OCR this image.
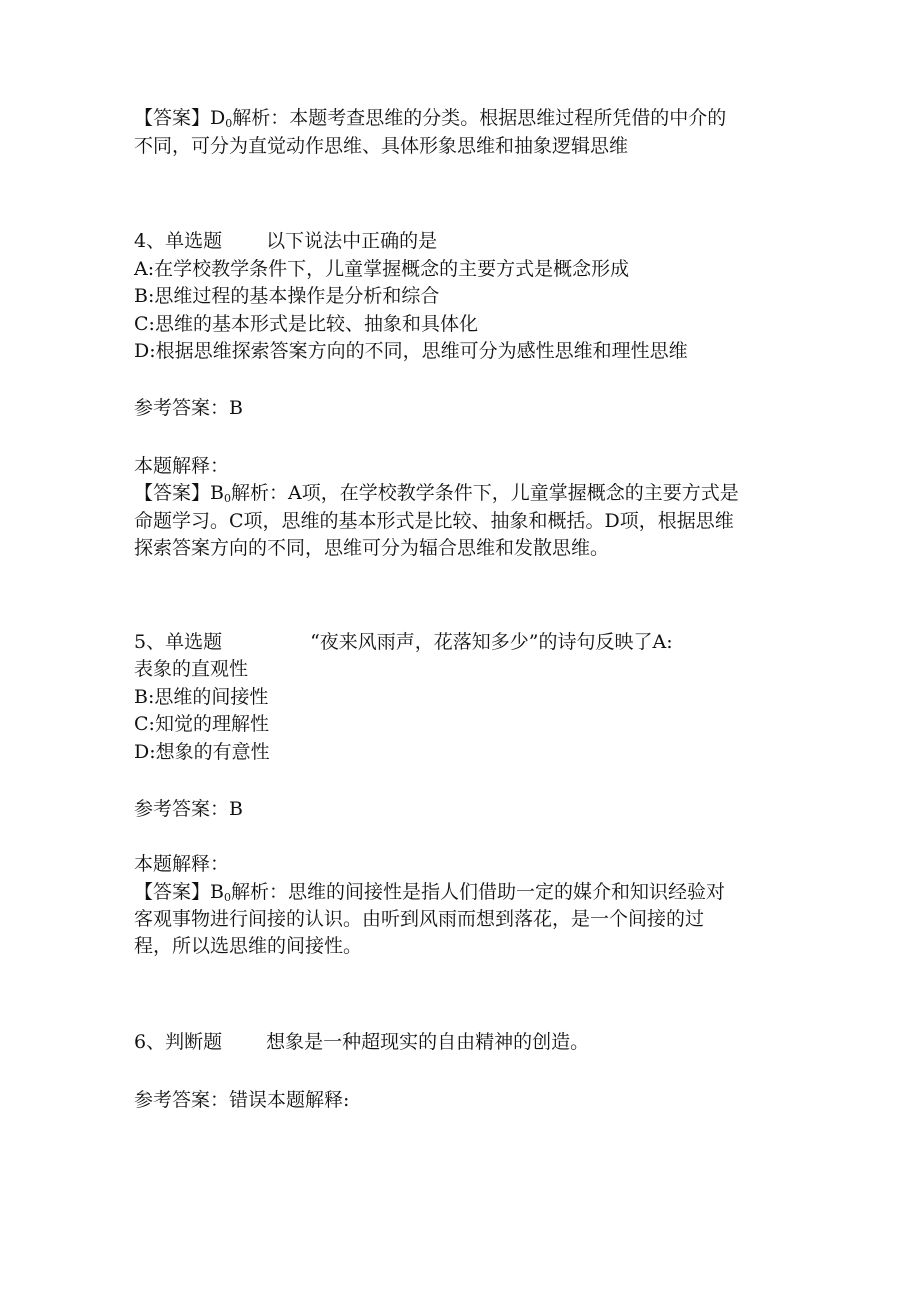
【答案】$D_0$解析：本题考查思维的分类。根据思维过程所凭借的中介的
不同，可分为直觉动作思维、具体形象思维和抽象逻辑思维
4、单选题 以下说法中正确的是
A:在学校教学条件下，儿童掌握概念的主要方式是概念形成
B:思维过程的基本操作是分析和综合
C:思维的基本形式是比较、抽象和具体化
D:根据思维探索答案方向的不同，思维可分为感性思维和理性思维
参考答案：B
本题解释：
【答案】$B_0$解析：A项，在学校教学条件下，儿童掌握概念的主要方式是
命题学习。C项，思维的基本形式是比较、抽象和概括。D项，根据思维
探索答案方向的不同，思维可分为辐合思维和发散思维。
5、单选题	“夜来风雨声，花落知多少”的诗句反映了A:
表象的直观性
B:思维的间接性
C:知觉的理解性
D:想象的有意性
参考答案：B
本题解释：
【答案】$B_0$解析：思维的间接性是指人们借助一定的媒介和知识经验对
客观事物进行间接的认识。由听到风雨而想到落花，是一个间接的过
程，所以选思维的间接性。
6、判断题 想象是一种超现实的自由精神的创造。
参考答案：错误本题解释:
